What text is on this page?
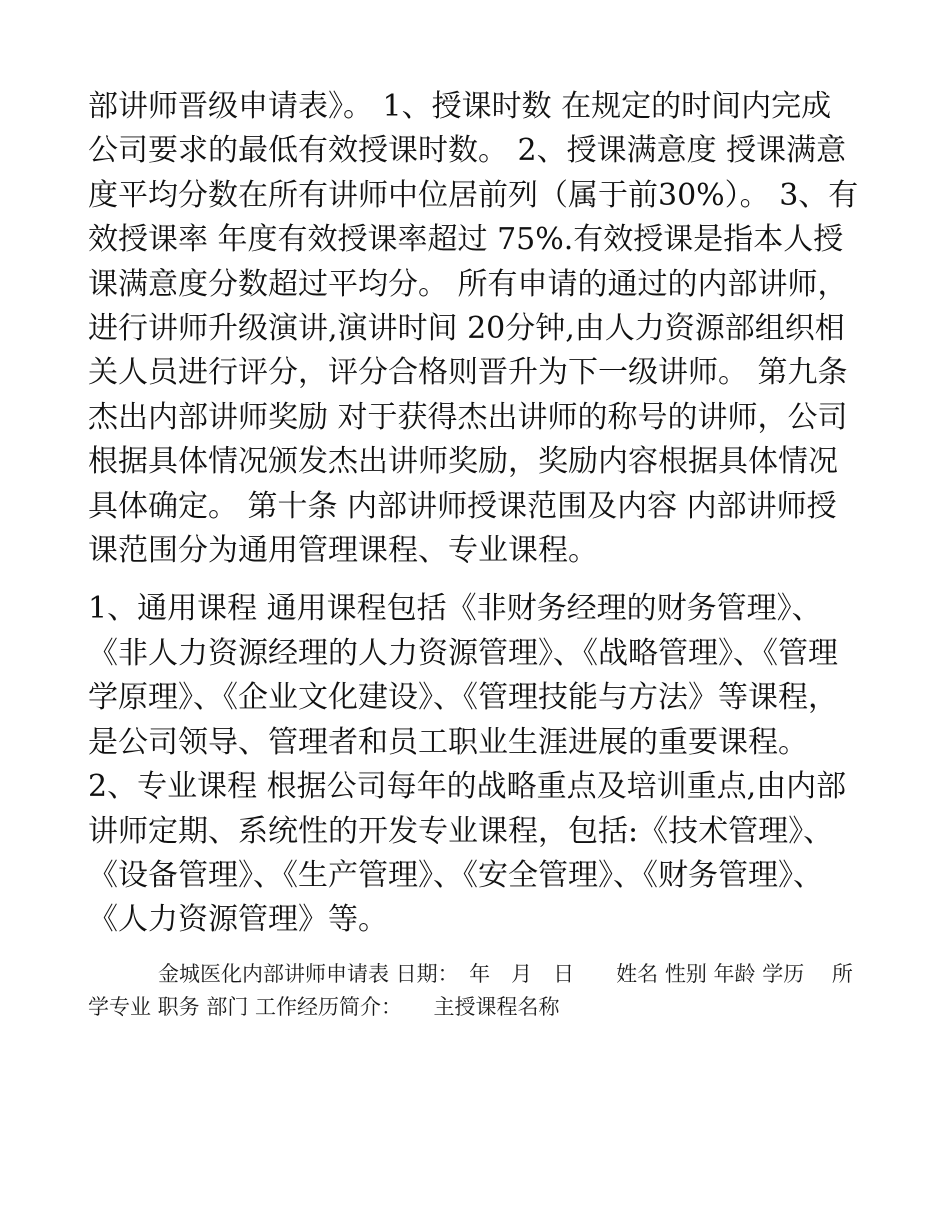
部讲师晋级申请表》。 1、授课时数 在规定的时间内完成公司要求的最低有效授课时数。 2、授课满意度 授课满意度平均分数在所有讲师中位居前列（属于前30%）。 3、有效授课率 年度有效授课率超过 75%.有效授课是指本人授课满意度分数超过平均分。 所有申请的通过的内部讲师，进行讲师升级演讲,演讲时间 20分钟,由人力资源部组织相关人员进行评分，评分合格则晋升为下一级讲师。 第九条 杰出内部讲师奖励 对于获得杰出讲师的称号的讲师，公司根据具体情况颁发杰出讲师奖励，奖励内容根据具体情况具体确定。 第十条 内部讲师授课范围及内容 内部讲师授课范围分为通用管理课程、专业课程。

1、通用课程 通用课程包括《非财务经理的财务管理》、《非人力资源经理的人力资源管理》、《战略管理》、《管理学原理》、《企业文化建设》、《管理技能与方法》等课程，是公司领导、管理者和员工职业生涯进展的重要课程。 2、专业课程 根据公司每年的战略重点及培训重点,由内部讲师定期、系统性的开发专业课程，包括:《技术管理》、《设备管理》、《生产管理》、《安全管理》、《财务管理》、《人力资源管理》等。

金城医化内部讲师申请表 日期：　年　月　日　　姓名 性别 年龄 学历　 所学专业 职务 部门 工作经历简介：　　主授课程名称
